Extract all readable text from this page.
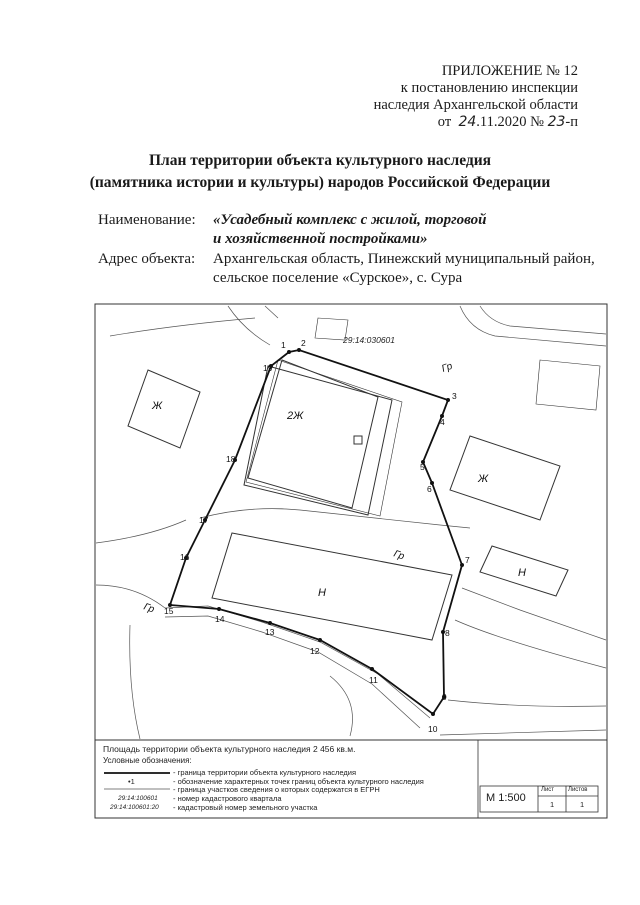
ПРИЛОЖЕНИЕ № 12
к постановлению инспекции
наследия Архангельской области
от 24.11.2020 № 23-п
План территории объекта культурного наследия
(памятника истории и культуры) народов Российской Федерации
Наименование: «Усадебный комплекс с жилой, торговой
и хозяйственной постройками»
Адрес объекта: Архангельская область, Пинежский муниципальный район,
сельское поселение «Сурское», с. Сура
1 2
3
4
5
6
7
8
9
10
11
12
13
14
15
16
17
18
19
29:14:030601
Ж
2Ж
Ж
Н
Н
Гр
Гр
Гр
Площадь территории объекта культурного наследия 2 456 кв.м.
Условные обозначения:
- граница территории объекта культурного наследия
•1	- обозначение характерных точек границ объекта культурного наследия
- граница участков сведения о которых содержатся в ЕГРН
29:14:100601 - номер кадастрового квартала
29:14:100601:20 - кадастровый номер земельного участка
М 1:500
Лист Листов
1	1
